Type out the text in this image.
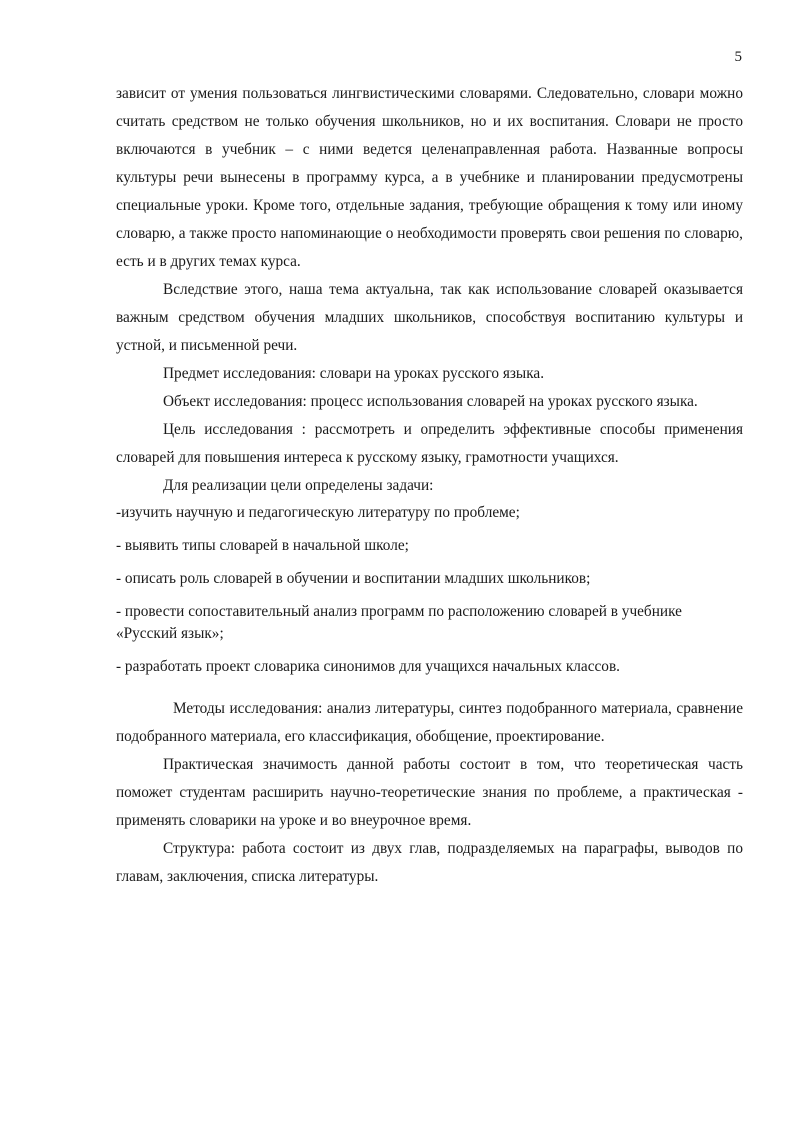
5

зависит от умения пользоваться лингвистическими словарями. Следовательно, словари можно считать средством не только обучения школьников, но и их воспитания. Словари не просто включаются в учебник – с ними ведется целенаправленная работа. Названные вопросы культуры речи вынесены в программу курса, а в учебнике и планировании предусмотрены специальные уроки. Кроме того, отдельные задания, требующие обращения к тому или иному словарю, а также просто напоминающие о необходимости проверять свои решения по словарю, есть и в других темах курса.

Вследствие этого, наша тема актуальна, так как использование словарей оказывается важным средством обучения младших школьников, способствуя воспитанию культуры и устной, и письменной речи.

Предмет исследования: словари на уроках русского языка.

Объект исследования: процесс использования словарей на уроках русского языка.

Цель исследования : рассмотреть и определить эффективные способы применения словарей для повышения интереса к русскому языку, грамотности учащихся.

Для реализации цели определены задачи:

-изучить научную и педагогическую литературу по проблеме;

- выявить типы словарей в начальной школе;

- описать роль словарей в обучении и воспитании младших школьников;

- провести сопоставительный анализ программ по расположению словарей в учебнике «Русский язык»;

- разработать проект словарика синонимов для учащихся начальных классов.

Методы исследования: анализ литературы, синтез подобранного материала, сравнение подобранного материала, его классификация, обобщение, проектирование.

Практическая значимость данной работы состоит в том, что теоретическая часть поможет студентам расширить научно-теоретические знания по проблеме, а практическая - применять словарики на уроке и во внеурочное время.

Структура: работа состоит из двух глав, подразделяемых на параграфы, выводов по главам, заключения, списка литературы.
